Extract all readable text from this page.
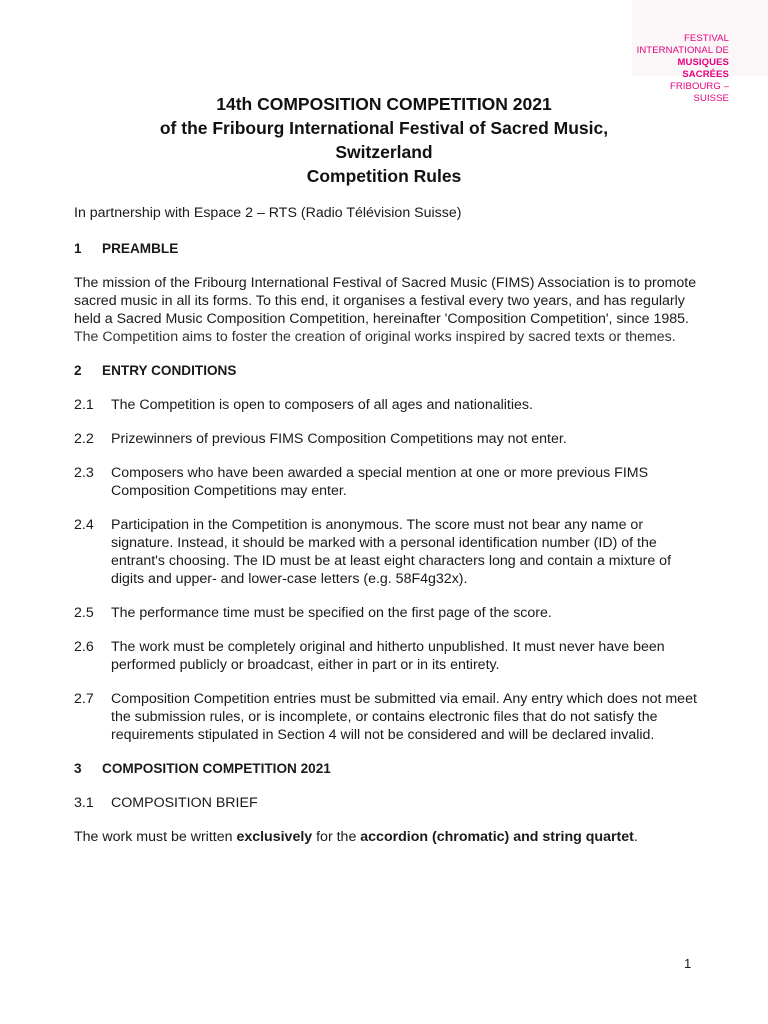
FESTIVAL
INTERNATIONAL DE
MUSIQUES SACRÉES
FRIBOURG – SUISSE
14th COMPOSITION COMPETITION 2021
of the Fribourg International Festival of Sacred Music,
Switzerland
Competition Rules

In partnership with Espace 2 – RTS (Radio Télévision Suisse)

1	PREAMBLE

The mission of the Fribourg International Festival of Sacred Music (FIMS) Association is to promote sacred music in all its forms. To this end, it organises a festival every two years, and has regularly held a Sacred Music Composition Competition, hereinafter 'Composition Competition', since 1985.

The Competition aims to foster the creation of original works inspired by sacred texts or themes.

2	ENTRY CONDITIONS
2.1	The Competition is open to composers of all ages and nationalities.
2.2	Prizewinners of previous FIMS Composition Competitions may not enter.
2.3	Composers who have been awarded a special mention at one or more previous FIMS Composition Competitions may enter.
2.4	Participation in the Competition is anonymous. The score must not bear any name or signature. Instead, it should be marked with a personal identification number (ID) of the entrant's choosing. The ID must be at least eight characters long and contain a mixture of digits and upper- and lower-case letters (e.g. 58F4g32x).
2.5	The performance time must be specified on the first page of the score.
2.6	The work must be completely original and hitherto unpublished. It must never have been performed publicly or broadcast, either in part or in its entirety.
2.7	Composition Competition entries must be submitted via email. Any entry which does not meet the submission rules, or is incomplete, or contains electronic files that do not satisfy the requirements stipulated in Section 4 will not be considered and will be declared invalid.
3	COMPOSITION COMPETITION 2021
3.1	COMPOSITION BRIEF

The work must be written exclusively for the accordion (chromatic) and string quartet.

1
